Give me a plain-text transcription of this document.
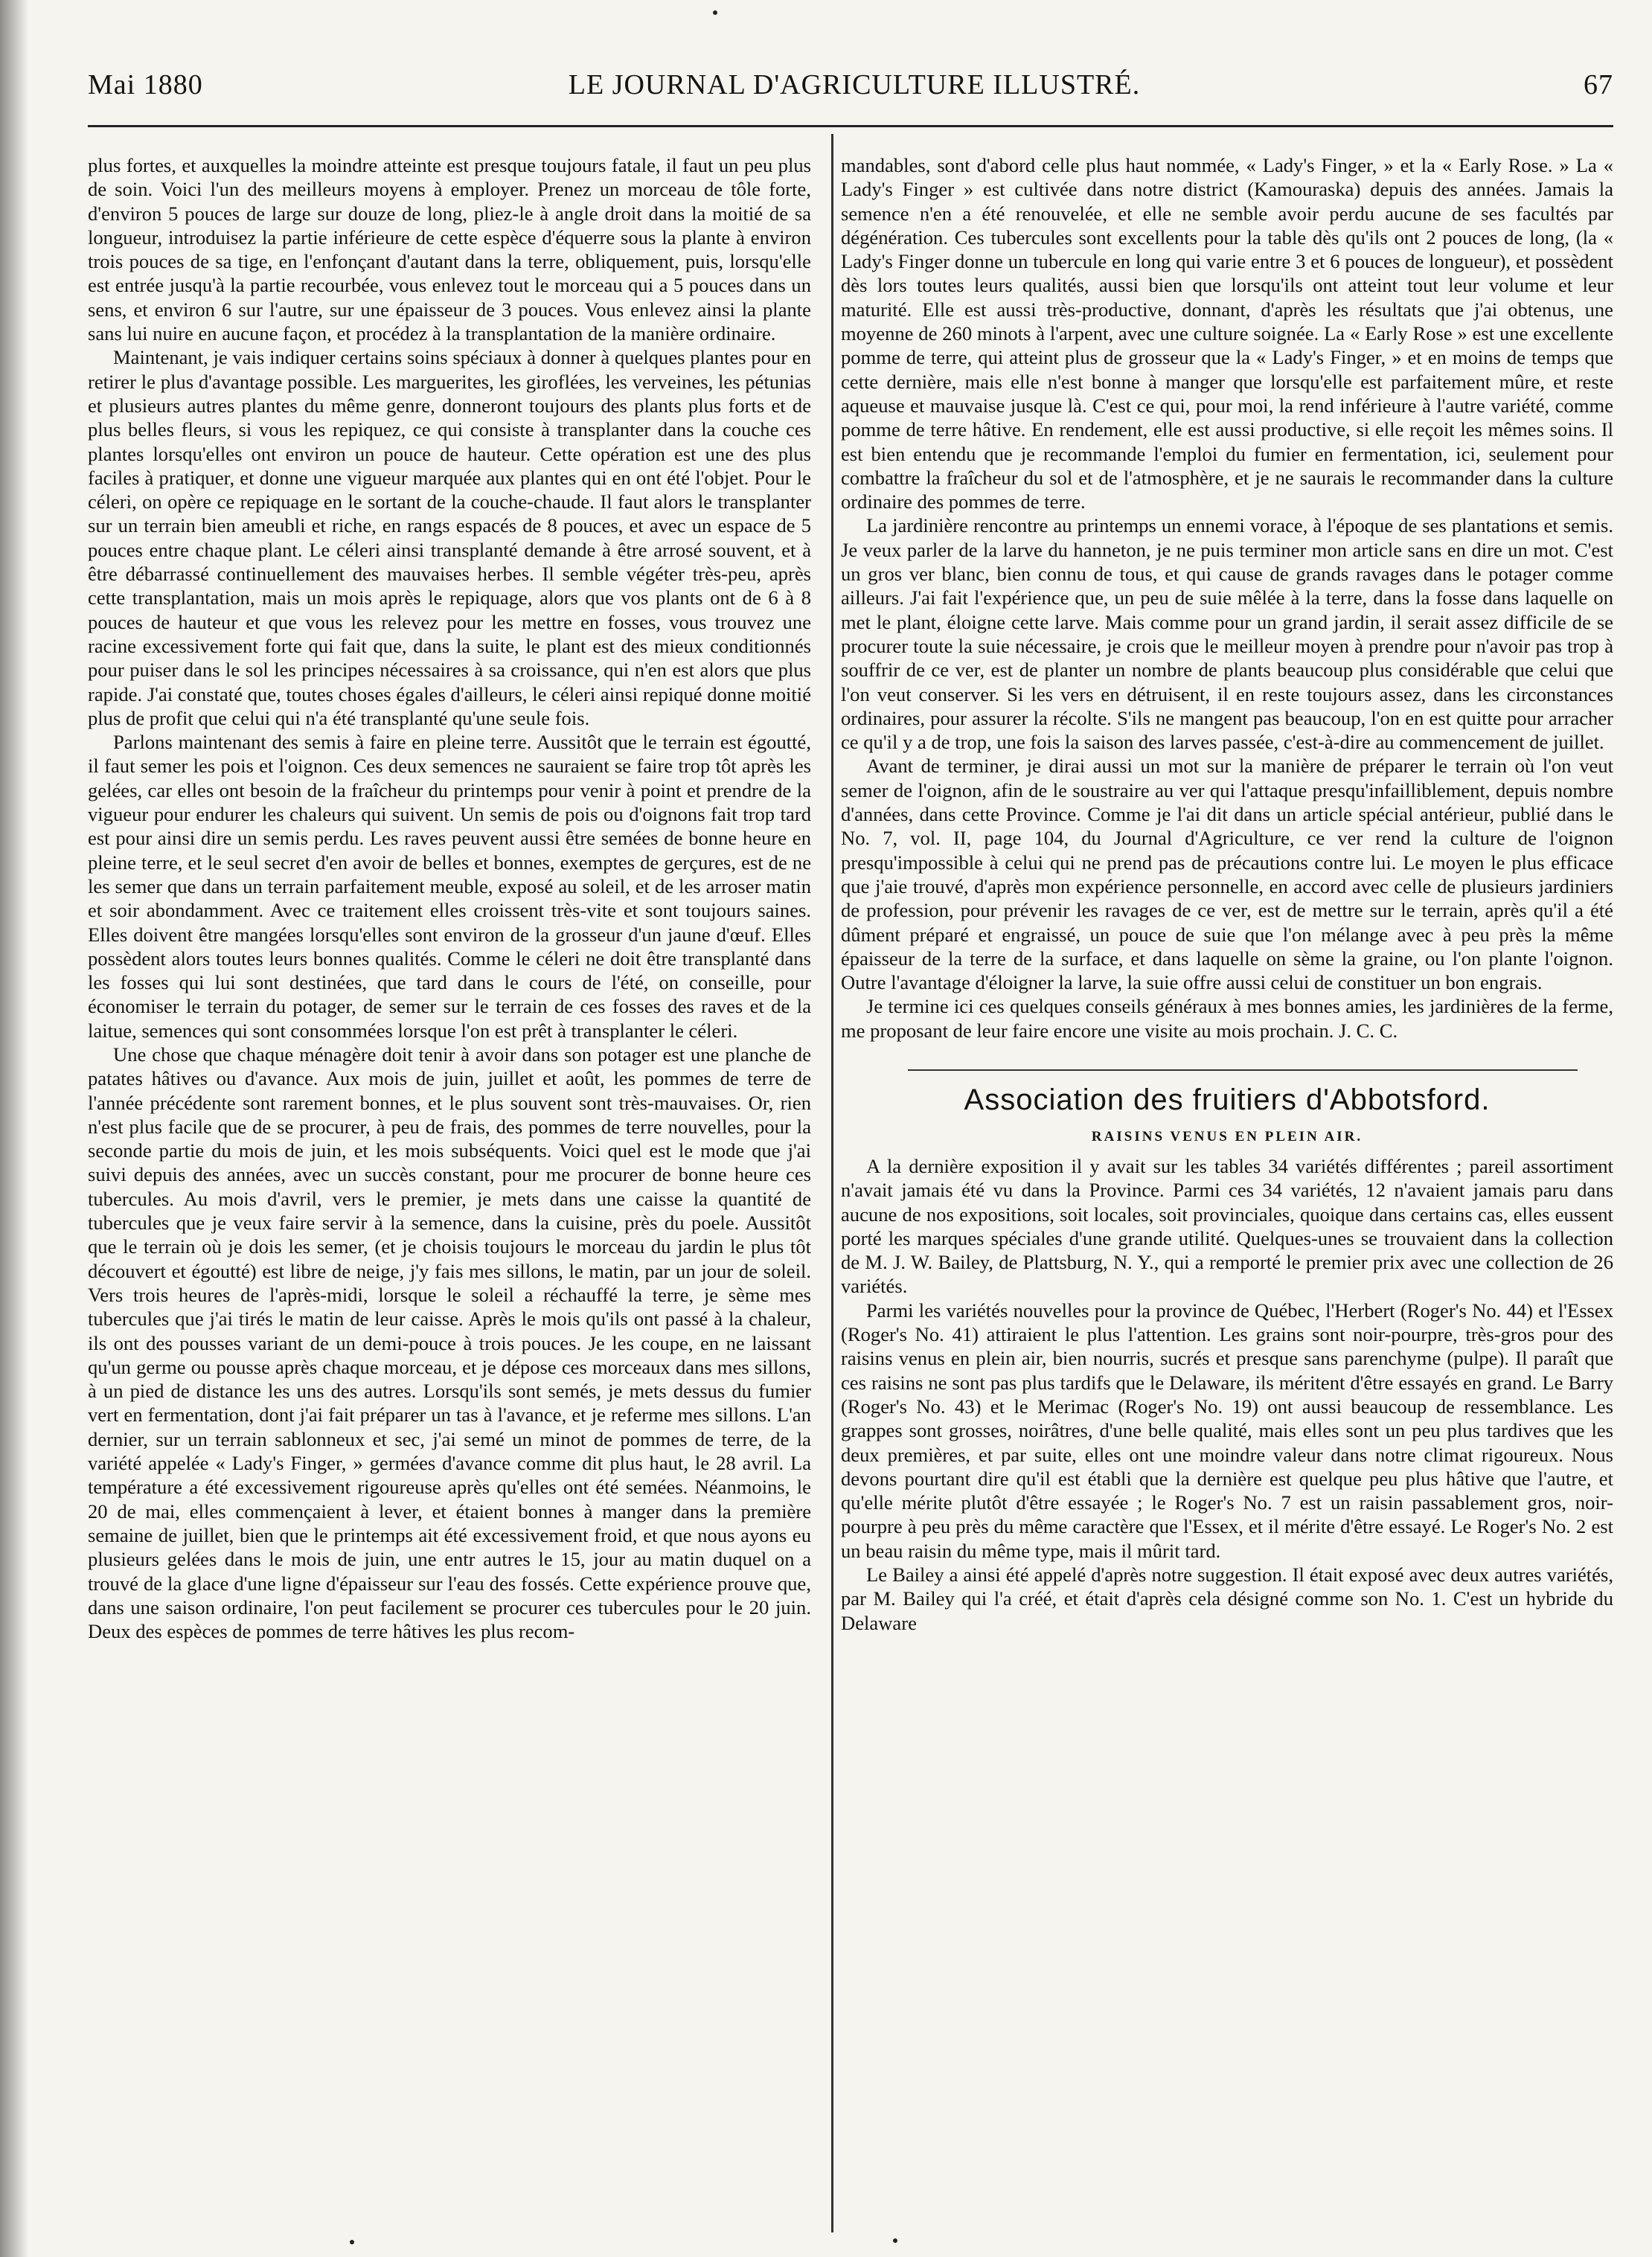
Mai 1880	LE JOURNAL D'AGRICULTURE ILLUSTRÉ.	67

plus fortes, et auxquelles la moindre atteinte est presque toujours fatale, il faut un peu plus de soin. Voici l'un des meilleurs moyens à employer. Prenez un morceau de tôle forte, d'environ 5 pouces de large sur douze de long, pliez-le à angle droit dans la moitié de sa longueur, introduisez la partie inférieure de cette espèce d'équerre sous la plante à environ trois pouces de sa tige, en l'enfonçant d'autant dans la terre, obliquement, puis, lorsqu'elle est entrée jusqu'à la partie recourbée, vous enlevez tout le morceau qui a 5 pouces dans un sens, et environ 6 sur l'autre, sur une épaisseur de 3 pouces. Vous enlevez ainsi la plante sans lui nuire en aucune façon, et procédez à la transplantation de la manière ordinaire.

Maintenant, je vais indiquer certains soins spéciaux à donner à quelques plantes pour en retirer le plus d'avantage possible. Les marguerites, les giroflées, les verveines, les pétunias et plusieurs autres plantes du même genre, donneront toujours des plants plus forts et de plus belles fleurs, si vous les repiquez, ce qui consiste à transplanter dans la couche ces plantes lorsqu'elles ont environ un pouce de hauteur. Cette opération est une des plus faciles à pratiquer, et donne une vigueur marquée aux plantes qui en ont été l'objet. Pour le céleri, on opère ce repiquage en le sortant de la couche-chaude. Il faut alors le transplanter sur un terrain bien ameubli et riche, en rangs espacés de 8 pouces, et avec un espace de 5 pouces entre chaque plant. Le céleri ainsi transplanté demande à être arrosé souvent, et à être débarrassé continuellement des mauvaises herbes. Il semble végéter très-peu, après cette transplantation, mais un mois après le repiquage, alors que vos plants ont de 6 à 8 pouces de hauteur et que vous les relevez pour les mettre en fosses, vous trouvez une racine excessivement forte qui fait que, dans la suite, le plant est des mieux conditionnés pour puiser dans le sol les principes nécessaires à sa croissance, qui n'en est alors que plus rapide. J'ai constaté que, toutes choses égales d'ailleurs, le céleri ainsi repiqué donne moitié plus de profit que celui qui n'a été transplanté qu'une seule fois.

Parlons maintenant des semis à faire en pleine terre. Aussitôt que le terrain est égoutté, il faut semer les pois et l'oignon. Ces deux semences ne sauraient se faire trop tôt après les gelées, car elles ont besoin de la fraîcheur du printemps pour venir à point et prendre de la vigueur pour endurer les chaleurs qui suivent. Un semis de pois ou d'oignons fait trop tard est pour ainsi dire un semis perdu. Les raves peuvent aussi être semées de bonne heure en pleine terre, et le seul secret d'en avoir de belles et bonnes, exemptes de gerçures, est de ne les semer que dans un terrain parfaitement meuble, exposé au soleil, et de les arroser matin et soir abondamment. Avec ce traitement elles croissent très-vite et sont toujours saines. Elles doivent être mangées lorsqu'elles sont environ de la grosseur d'un jaune d'œuf. Elles possèdent alors toutes leurs bonnes qualités. Comme le céleri ne doit être transplanté dans les fosses qui lui sont destinées, que tard dans le cours de l'été, on conseille, pour économiser le terrain du potager, de semer sur le terrain de ces fosses des raves et de la laitue, semences qui sont consommées lorsque l'on est prêt à transplanter le céleri.

Une chose que chaque ménagère doit tenir à avoir dans son potager est une planche de patates hâtives ou d'avance. Aux mois de juin, juillet et août, les pommes de terre de l'année précédente sont rarement bonnes, et le plus souvent sont très-mauvaises. Or, rien n'est plus facile que de se procurer, à peu de frais, des pommes de terre nouvelles, pour la seconde partie du mois de juin, et les mois subséquents. Voici quel est le mode que j'ai suivi depuis des années, avec un succès constant, pour me procurer de bonne heure ces tubercules. Au mois d'avril, vers le premier, je mets dans une caisse la quantité de tubercules que je veux faire servir à la semence, dans la cuisine, près du poele. Aussitôt que le terrain où je dois les semer, (et je choisis toujours le morceau du jardin le plus tôt découvert et égoutté) est libre de neige, j'y fais mes sillons, le matin, par un jour de soleil. Vers trois heures de l'après-midi, lorsque le soleil a réchauffé la terre, je sème mes tubercules que j'ai tirés le matin de leur caisse. Après le mois qu'ils ont passé à la chaleur, ils ont des pousses variant de un demi-pouce à trois pouces. Je les coupe, en ne laissant qu'un germe ou pousse après chaque morceau, et je dépose ces morceaux dans mes sillons, à un pied de distance les uns des autres. Lorsqu'ils sont semés, je mets dessus du fumier vert en fermentation, dont j'ai fait préparer un tas à l'avance, et je referme mes sillons. L'an dernier, sur un terrain sablonneux et sec, j'ai semé un minot de pommes de terre, de la variété appelée « Lady's Finger, » germées d'avance comme dit plus haut, le 28 avril. La température a été excessivement rigoureuse après qu'elles ont été semées. Néanmoins, le 20 de mai, elles commençaient à lever, et étaient bonnes à manger dans la première semaine de juillet, bien que le printemps ait été excessivement froid, et que nous ayons eu plusieurs gelées dans le mois de juin, une entr autres le 15, jour au matin duquel on a trouvé de la glace d'une ligne d'épaisseur sur l'eau des fossés. Cette expérience prouve que, dans une saison ordinaire, l'on peut facilement se procurer ces tubercules pour le 20 juin. Deux des espèces de pommes de terre hâtives les plus recom-

mandables, sont d'abord celle plus haut nommée, « Lady's Finger, » et la « Early Rose. » La « Lady's Finger » est cultivée dans notre district (Kamouraska) depuis des années. Jamais la semence n'en a été renouvelée, et elle ne semble avoir perdu aucune de ses facultés par dégénération. Ces tubercules sont excellents pour la table dès qu'ils ont 2 pouces de long, (la « Lady's Finger donne un tubercule en long qui varie entre 3 et 6 pouces de longueur), et possèdent dès lors toutes leurs qualités, aussi bien que lorsqu'ils ont atteint tout leur volume et leur maturité. Elle est aussi très-productive, donnant, d'après les résultats que j'ai obtenus, une moyenne de 260 minots à l'arpent, avec une culture soignée. La « Early Rose » est une excellente pomme de terre, qui atteint plus de grosseur que la « Lady's Finger, » et en moins de temps que cette dernière, mais elle n'est bonne à manger que lorsqu'elle est parfaitement mûre, et reste aqueuse et mauvaise jusque là. C'est ce qui, pour moi, la rend inférieure à l'autre variété, comme pomme de terre hâtive. En rendement, elle est aussi productive, si elle reçoit les mêmes soins. Il est bien entendu que je recommande l'emploi du fumier en fermentation, ici, seulement pour combattre la fraîcheur du sol et de l'atmosphère, et je ne saurais le recommander dans la culture ordinaire des pommes de terre.

La jardinière rencontre au printemps un ennemi vorace, à l'époque de ses plantations et semis. Je veux parler de la larve du hanneton, je ne puis terminer mon article sans en dire un mot. C'est un gros ver blanc, bien connu de tous, et qui cause de grands ravages dans le potager comme ailleurs. J'ai fait l'expérience que, un peu de suie mêlée à la terre, dans la fosse dans laquelle on met le plant, éloigne cette larve. Mais comme pour un grand jardin, il serait assez difficile de se procurer toute la suie nécessaire, je crois que le meilleur moyen à prendre pour n'avoir pas trop à souffrir de ce ver, est de planter un nombre de plants beaucoup plus considérable que celui que l'on veut conserver. Si les vers en détruisent, il en reste toujours assez, dans les circonstances ordinaires, pour assurer la récolte. S'ils ne mangent pas beaucoup, l'on en est quitte pour arracher ce qu'il y a de trop, une fois la saison des larves passée, c'est-à-dire au commencement de juillet.

Avant de terminer, je dirai aussi un mot sur la manière de préparer le terrain où l'on veut semer de l'oignon, afin de le soustraire au ver qui l'attaque presqu'infailliblement, depuis nombre d'années, dans cette Province. Comme je l'ai dit dans un article spécial antérieur, publié dans le No. 7, vol. II, page 104, du Journal d'Agriculture, ce ver rend la culture de l'oignon presqu'impossible à celui qui ne prend pas de précautions contre lui. Le moyen le plus efficace que j'aie trouvé, d'après mon expérience personnelle, en accord avec celle de plusieurs jardiniers de profession, pour prévenir les ravages de ce ver, est de mettre sur le terrain, après qu'il a été dûment préparé et engraissé, un pouce de suie que l'on mélange avec à peu près la même épaisseur de la terre de la surface, et dans laquelle on sème la graine, ou l'on plante l'oignon. Outre l'avantage d'éloigner la larve, la suie offre aussi celui de constituer un bon engrais.

Je termine ici ces quelques conseils généraux à mes bonnes amies, les jardinières de la ferme, me proposant de leur faire encore une visite au mois prochain. J. C. C.

Association des fruitiers d'Abbotsford.
RAISINS VENUS EN PLEIN AIR.

A la dernière exposition il y avait sur les tables 34 variétés différentes ; pareil assortiment n'avait jamais été vu dans la Province. Parmi ces 34 variétés, 12 n'avaient jamais paru dans aucune de nos expositions, soit locales, soit provinciales, quoique dans certains cas, elles eussent porté les marques spéciales d'une grande utilité. Quelques-unes se trouvaient dans la collection de M. J. W. Bailey, de Plattsburg, N. Y., qui a remporté le premier prix avec une collection de 26 variétés.

Parmi les variétés nouvelles pour la province de Québec, l'Herbert (Roger's No. 44) et l'Essex (Roger's No. 41) attiraient le plus l'attention. Les grains sont noir-pourpre, très-gros pour des raisins venus en plein air, bien nourris, sucrés et presque sans parenchyme (pulpe). Il paraît que ces raisins ne sont pas plus tardifs que le Delaware, ils méritent d'être essayés en grand. Le Barry (Roger's No. 43) et le Merimac (Roger's No. 19) ont aussi beaucoup de ressemblance. Les grappes sont grosses, noirâtres, d'une belle qualité, mais elles sont un peu plus tardives que les deux premières, et par suite, elles ont une moindre valeur dans notre climat rigoureux. Nous devons pourtant dire qu'il est établi que la dernière est quelque peu plus hâtive que l'autre, et qu'elle mérite plutôt d'être essayée ; le Roger's No. 7 est un raisin passablement gros, noir-pourpre à peu près du même caractère que l'Essex, et il mérite d'être essayé. Le Roger's No. 2 est un beau raisin du même type, mais il mûrit tard.

Le Bailey a ainsi été appelé d'après notre suggestion. Il était exposé avec deux autres variétés, par M. Bailey qui l'a créé, et était d'après cela désigné comme son No. 1. C'est un hybride du Delaware
